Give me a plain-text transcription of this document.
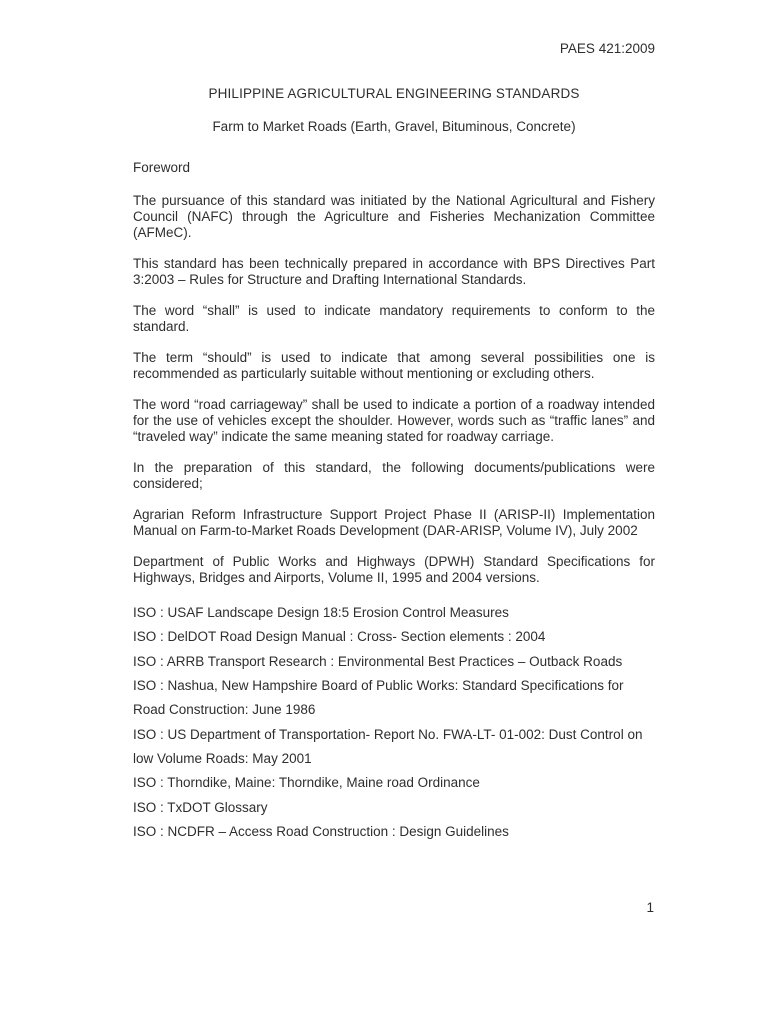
PAES 421:2009
PHILIPPINE AGRICULTURAL ENGINEERING STANDARDS
Farm to Market Roads (Earth, Gravel, Bituminous, Concrete)
Foreword

The pursuance of this standard was initiated by the National Agricultural and Fishery Council (NAFC) through the Agriculture and Fisheries Mechanization Committee (AFMeC).

This standard has been technically prepared in accordance with BPS Directives Part 3:2003 – Rules for Structure and Drafting International Standards.

The word “shall” is used to indicate mandatory requirements to conform to the standard.

The term “should” is used to indicate that among several possibilities one is recommended as particularly suitable without mentioning or excluding others.

The word “road carriageway” shall be used to indicate a portion of a roadway intended for the use of vehicles except the shoulder. However, words such as “traffic lanes” and “traveled way” indicate the same meaning stated for roadway carriage.

In the preparation of this standard, the following documents/publications were considered;

Agrarian Reform Infrastructure Support Project Phase II (ARISP-II) Implementation Manual on Farm-to-Market Roads Development (DAR-ARISP, Volume IV), July 2002

Department of Public Works and Highways (DPWH) Standard Specifications for Highways, Bridges and Airports, Volume II, 1995 and 2004 versions.

ISO : USAF Landscape Design 18:5 Erosion Control Measures
ISO : DelDOT Road Design Manual : Cross- Section elements : 2004
ISO : ARRB Transport Research : Environmental Best Practices – Outback Roads
ISO : Nashua, New Hampshire Board of Public Works: Standard Specifications for Road Construction: June 1986
ISO : US Department of Transportation- Report No. FWA-LT- 01-002: Dust Control on low Volume Roads: May 2001
ISO : Thorndike, Maine: Thorndike, Maine road Ordinance
ISO : TxDOT Glossary
ISO : NCDFR – Access Road Construction : Design Guidelines
1
